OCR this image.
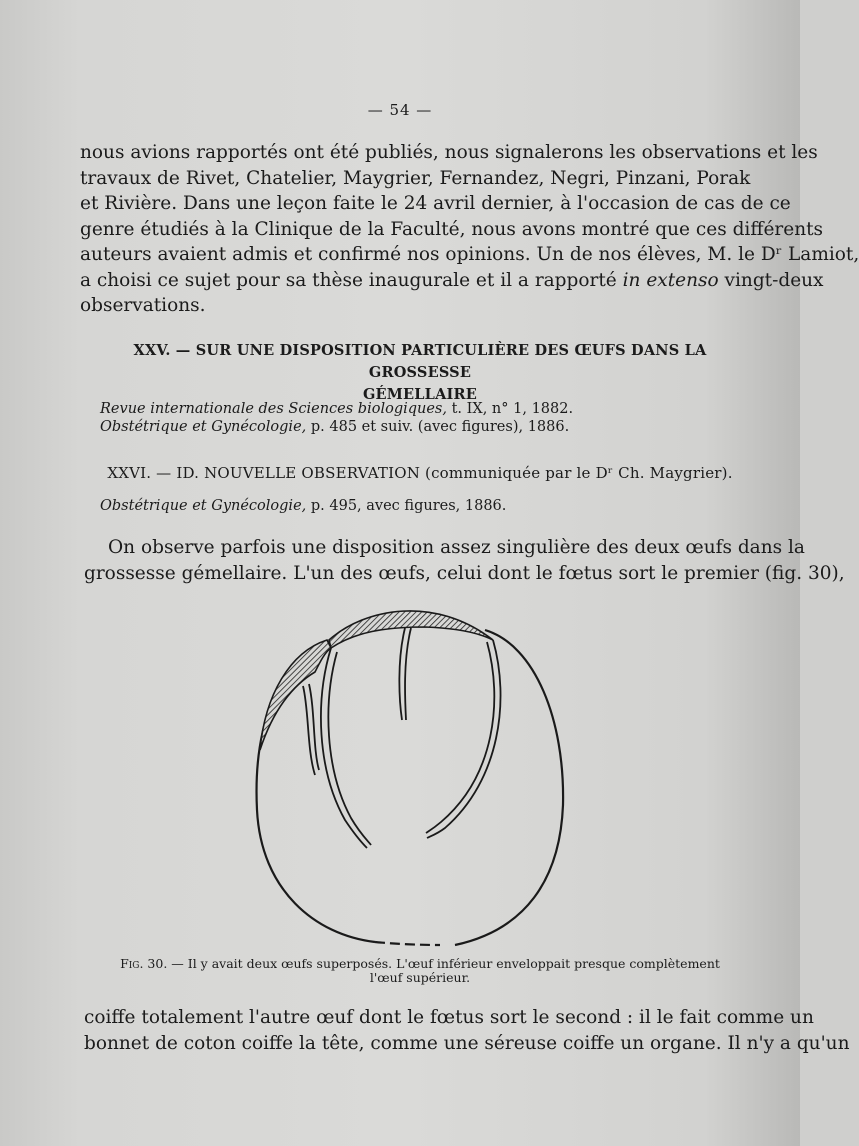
— 54 —

nous avions rapportés ont été publiés, nous signalerons les observations et les
travaux de Rivet, Chatelier, Maygrier, Fernandez, Negri, Pinzani, Porak
et Rivière. Dans une leçon faite le 24 avril dernier, à l'occasion de cas de ce
genre étudiés à la Clinique de la Faculté, nous avons montré que ces différents
auteurs avaient admis et confirmé nos opinions. Un de nos élèves, M. le Dʳ Lamiot,
a choisi ce sujet pour sa thèse inaugurale et il a rapporté in extenso vingt-deux
observations.

XXV. — SUR UNE DISPOSITION PARTICULIÈRE DES ŒUFS DANS LA GROSSESSE
GÉMELLAIRE
Revue internationale des Sciences biologiques, t. IX, n° 1, 1882.
Obstétrique et Gynécologie, p. 485 et suiv. (avec figures), 1886.
XXVI. — ID. NOUVELLE OBSERVATION (communiquée par le Dʳ Ch. Maygrier).
Obstétrique et Gynécologie, p. 495, avec figures, 1886.

On observe parfois une disposition assez singulière des deux œufs dans la
grossesse gémellaire. L'un des œufs, celui dont le fœtus sort le premier (fig. 30),

Fig. 30. — Il y avait deux œufs superposés. L'œuf inférieur enveloppait presque complètement
l'œuf supérieur.

coiffe totalement l'autre œuf dont le fœtus sort le second : il le fait comme un
bonnet de coton coiffe la tête, comme une séreuse coiffe un organe. Il n'y a qu'un
